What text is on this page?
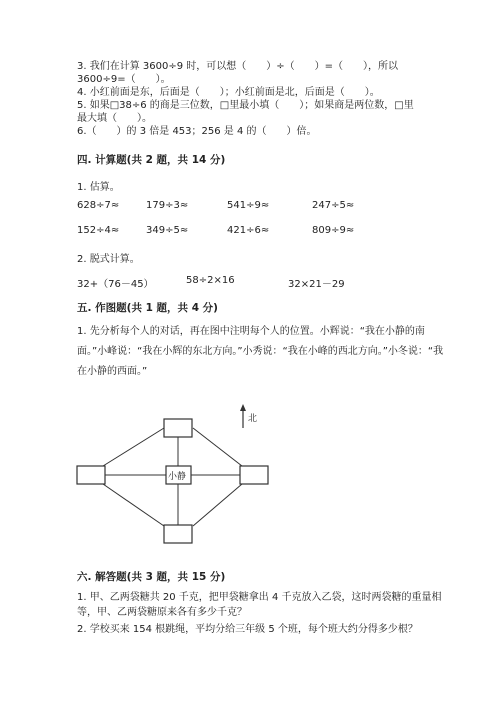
3. 我们在计算 3600÷9 时，可以想（　　）÷（　　）=（　　），所以
3600÷9=（　　）。
4. 小红前面是东，后面是（　　）；小红前面是北，后面是（　　）。
5. 如果□38÷6 的商是三位数，□里最小填（　　）；如果商是两位数，□里
最大填（　　）。
6.（　　）的 3 倍是 453；256 是 4 的（　　）倍。
四. 计算题(共 2 题，共 14 分)
1. 估算。
628÷7≈	179÷3≈	541÷9≈	247÷5≈
152÷4≈	349÷5≈	421÷6≈	809÷9≈
2. 脱式计算。
32+（76－45）	58÷2×16	32×21－29
五. 作图题(共 1 题，共 4 分)
1. 先分析每个人的对话，再在图中注明每个人的位置。小辉说：“我在小静的南面。”小峰说：“我在小辉的东北方向。”小秀说：“我在小峰的西北方向。”小冬说：“我在小静的西面。”
小静
北
六. 解答题(共 3 题，共 15 分)
1. 甲、乙两袋糖共 20 千克，把甲袋糖拿出 4 千克放入乙袋，这时两袋糖的重量相等，甲、乙两袋糖原来各有多少千克？
2. 学校买来 154 根跳绳，平均分给三年级 5 个班，每个班大约分得多少根？
